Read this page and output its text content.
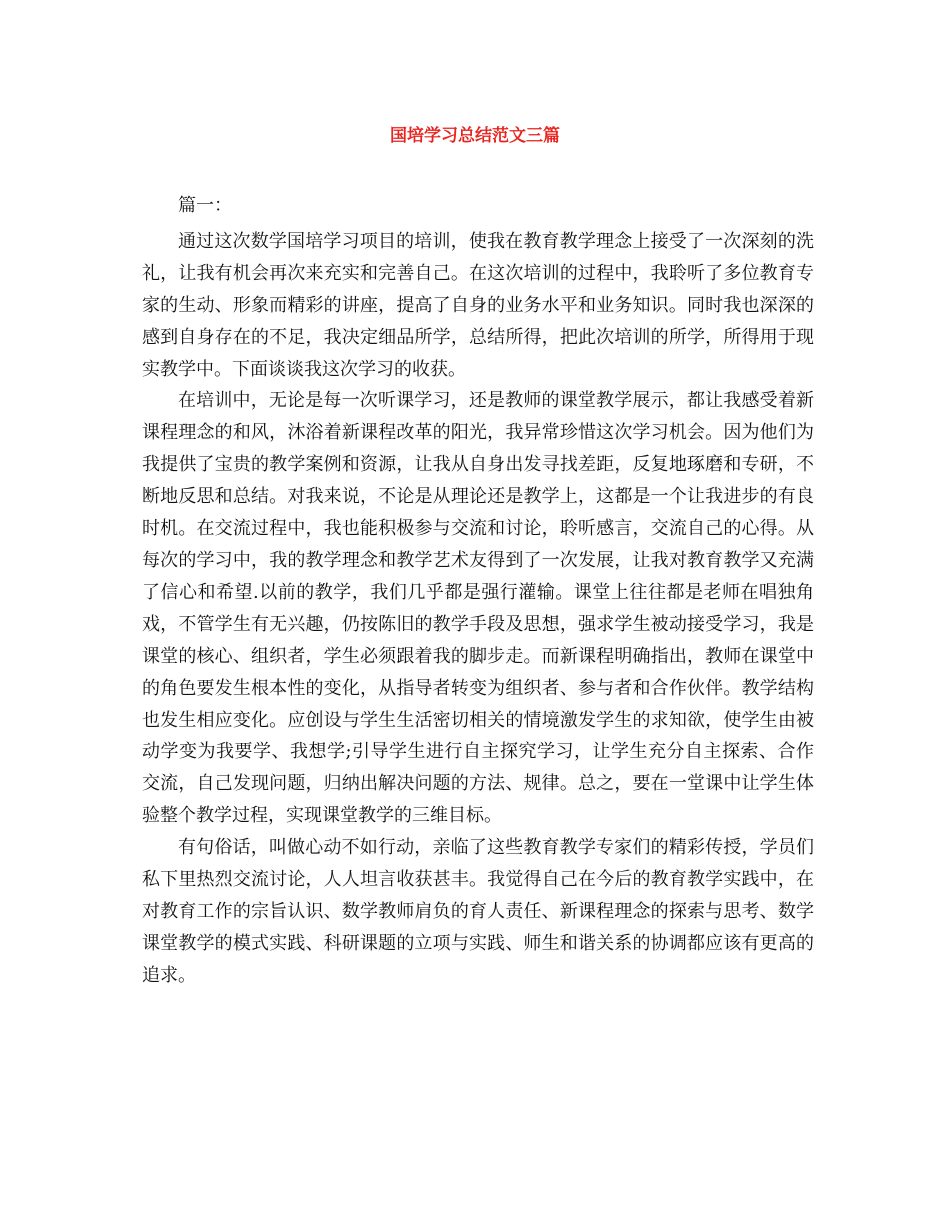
国培学习总结范文三篇

篇一：

通过这次数学国培学习项目的培训，使我在教育教学理念上接受了一次深刻的洗礼，让我有机会再次来充实和完善自己。在这次培训的过程中，我聆听了多位教育专家的生动、形象而精彩的讲座，提高了自身的业务水平和业务知识。同时我也深深的感到自身存在的不足，我决定细品所学，总结所得，把此次培训的所学，所得用于现实教学中。下面谈谈我这次学习的收获。

在培训中，无论是每一次听课学习，还是教师的课堂教学展示，都让我感受着新课程理念的和风，沐浴着新课程改革的阳光，我异常珍惜这次学习机会。因为他们为我提供了宝贵的教学案例和资源，让我从自身出发寻找差距，反复地琢磨和专研，不断地反思和总结。对我来说，不论是从理论还是教学上，这都是一个让我进步的有良时机。在交流过程中，我也能积极参与交流和讨论，聆听感言，交流自己的心得。从每次的学习中，我的教学理念和教学艺术友得到了一次发展，让我对教育教学又充满了信心和希望.以前的教学，我们几乎都是强行灌输。课堂上往往都是老师在唱独角戏，不管学生有无兴趣，仍按陈旧的教学手段及思想，强求学生被动接受学习，我是课堂的核心、组织者，学生必须跟着我的脚步走。而新课程明确指出，教师在课堂中的角色要发生根本性的变化，从指导者转变为组织者、参与者和合作伙伴。教学结构也发生相应变化。应创设与学生生活密切相关的情境激发学生的求知欲，使学生由被动学变为我要学、我想学;引导学生进行自主探究学习，让学生充分自主探索、合作交流，自己发现问题，归纳出解决问题的方法、规律。总之，要在一堂课中让学生体验整个教学过程，实现课堂教学的三维目标。

有句俗话，叫做心动不如行动，亲临了这些教育教学专家们的精彩传授，学员们私下里热烈交流讨论，人人坦言收获甚丰。我觉得自己在今后的教育教学实践中，在对教育工作的宗旨认识、数学教师肩负的育人责任、新课程理念的探索与思考、数学课堂教学的模式实践、科研课题的立项与实践、师生和谐关系的协调都应该有更高的追求。
